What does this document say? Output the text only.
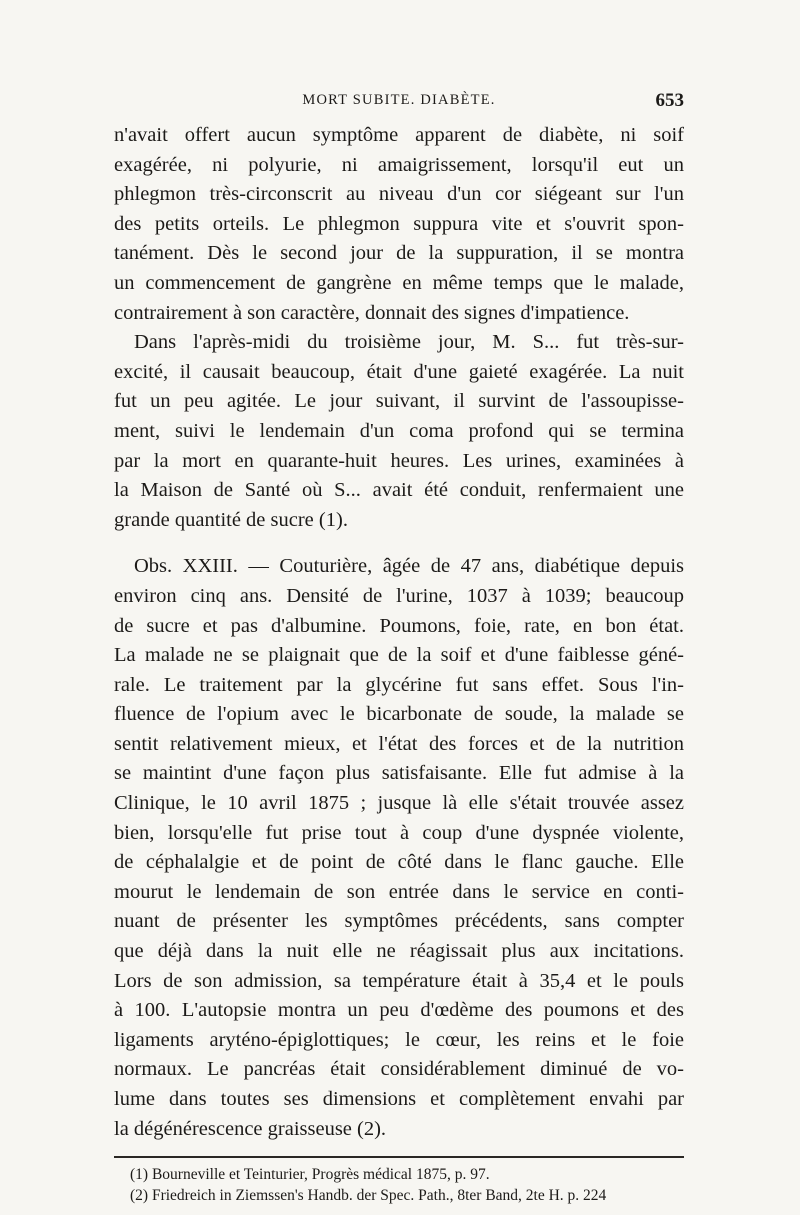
MORT SUBITE. DIABÈTE.	653
n'avait offert aucun symptôme apparent de diabète, ni soif
exagérée, ni polyurie, ni amaigrissement, lorsqu'il eut un
phlegmon très-circonscrit au niveau d'un cor siégeant sur l'un
des petits orteils. Le phlegmon suppura vite et s'ouvrit spon-
tanément. Dès le second jour de la suppuration, il se montra
un commencement de gangrène en même temps que le malade,
contrairement à son caractère, donnait des signes d'impatience.
Dans l'après-midi du troisième jour, M. S... fut très-sur-
excité, il causait beaucoup, était d'une gaieté exagérée. La nuit
fut un peu agitée. Le jour suivant, il survint de l'assoupisse-
ment, suivi le lendemain d'un coma profond qui se termina
par la mort en quarante-huit heures. Les urines, examinées à
la Maison de Santé où S... avait été conduit, renfermaient une
grande quantité de sucre (1).
Obs. XXIII. — Couturière, âgée de 47 ans, diabétique depuis
environ cinq ans. Densité de l'urine, 1037 à 1039; beaucoup
de sucre et pas d'albumine. Poumons, foie, rate, en bon état.
La malade ne se plaignait que de la soif et d'une faiblesse géné-
rale. Le traitement par la glycérine fut sans effet. Sous l'in-
fluence de l'opium avec le bicarbonate de soude, la malade se
sentit relativement mieux, et l'état des forces et de la nutrition
se maintint d'une façon plus satisfaisante. Elle fut admise à la
Clinique, le 10 avril 1875 ; jusque là elle s'était trouvée assez
bien, lorsqu'elle fut prise tout à coup d'une dyspnée violente,
de céphalalgie et de point de côté dans le flanc gauche. Elle
mourut le lendemain de son entrée dans le service en conti-
nuant de présenter les symptômes précédents, sans compter
que déjà dans la nuit elle ne réagissait plus aux incitations.
Lors de son admission, sa température était à 35,4 et le pouls
à 100. L'autopsie montra un peu d'œdème des poumons et des
ligaments aryténo-épiglottiques; le cœur, les reins et le foie
normaux. Le pancréas était considérablement diminué de vo-
lume dans toutes ses dimensions et complètement envahi par
la dégénérescence graisseuse (2).
(1) Bourneville et Teinturier, Progrès médical 1875, p. 97.
(2) Friedreich in Ziemssen's Handb. der Spec. Path., 8ter Band, 2te H. p. 224
